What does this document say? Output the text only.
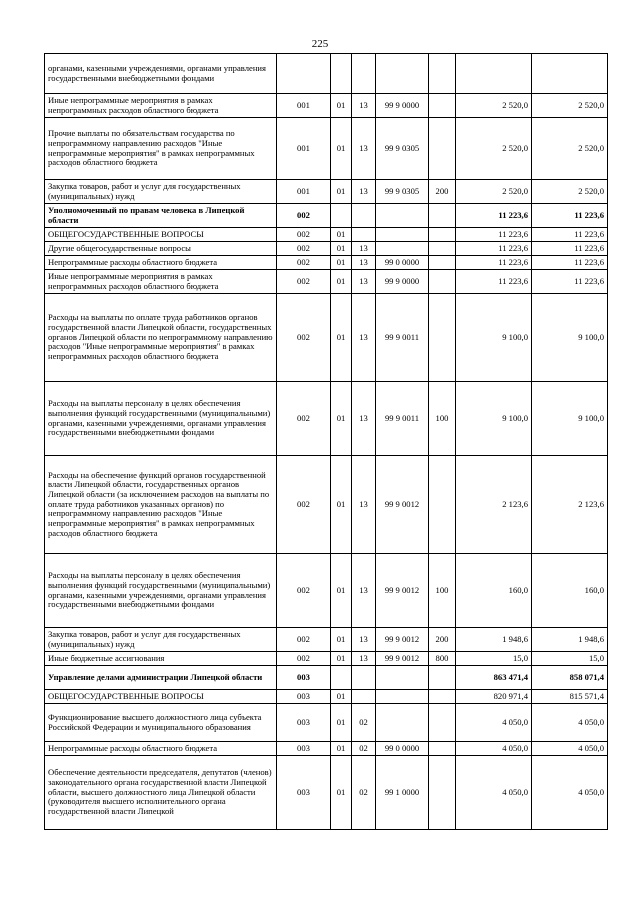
225
органами, казенными учреждениями, органами управления государственными внебюджетными фондами							
Иные непрограммные мероприятия в рамках непрограммных расходов областного бюджета	001	01	13	99 9 0000		2 520,0	2 520,0
Прочие выплаты по обязательствам государства по непрограммному направлению расходов "Иные непрограммные мероприятия" в рамках непрограммных расходов областного бюджета	001	01	13	99 9 0305		2 520,0	2 520,0
Закупка товаров, работ и услуг для государственных (муниципальных) нужд	001	01	13	99 9 0305	200	2 520,0	2 520,0
Уполномоченный по правам человека в Липецкой области	002					11 223,6	11 223,6
ОБЩЕГОСУДАРСТВЕННЫЕ ВОПРОСЫ	002	01				11 223,6	11 223,6
Другие общегосударственные вопросы	002	01	13			11 223,6	11 223,6
Непрограммные расходы областного бюджета	002	01	13	99 0 0000		11 223,6	11 223,6
Иные непрограммные мероприятия в рамках непрограммных расходов областного бюджета	002	01	13	99 9 0000		11 223,6	11 223,6
Расходы на выплаты по оплате труда работников органов государственной власти Липецкой области, государственных органов Липецкой области по непрограммному направлению расходов "Иные непрограммные мероприятия" в рамках непрограммных расходов областного бюджета	002	01	13	99 9 0011		9 100,0	9 100,0
Расходы на выплаты персоналу в целях обеспечения выполнения функций государственными (муниципальными) органами, казенными учреждениями, органами управления государственными внебюджетными фондами	002	01	13	99 9 0011	100	9 100,0	9 100,0
Расходы на обеспечение функций органов государственной власти Липецкой области, государственных органов Липецкой области (за исключением расходов на выплаты по оплате труда работников указанных органов) по непрограммному направлению расходов "Иные непрограммные мероприятия" в рамках непрограммных расходов областного бюджета	002	01	13	99 9 0012		2 123,6	2 123,6
Расходы на выплаты персоналу в целях обеспечения выполнения функций государственными (муниципальными) органами, казенными учреждениями, органами управления государственными внебюджетными фондами	002	01	13	99 9 0012	100	160,0	160,0
Закупка товаров, работ и услуг для государственных (муниципальных) нужд	002	01	13	99 9 0012	200	1 948,6	1 948,6
Иные бюджетные ассигнования	002	01	13	99 9 0012	800	15,0	15,0
Управление делами администрации Липецкой области	003					863 471,4	858 071,4
ОБЩЕГОСУДАРСТВЕННЫЕ ВОПРОСЫ	003	01				820 971,4	815 571,4
Функционирование высшего должностного лица субъекта Российской Федерации и муниципального образования	003	01	02			4 050,0	4 050,0
Непрограммные расходы областного бюджета	003	01	02	99 0 0000		4 050,0	4 050,0
Обеспечение деятельности председателя, депутатов (членов) законодательного органа государственной власти Липецкой области, высшего должностного лица Липецкой области (руководителя высшего исполнительного органа государственной власти Липецкой	003	01	02	99 1 0000		4 050,0	4 050,0
